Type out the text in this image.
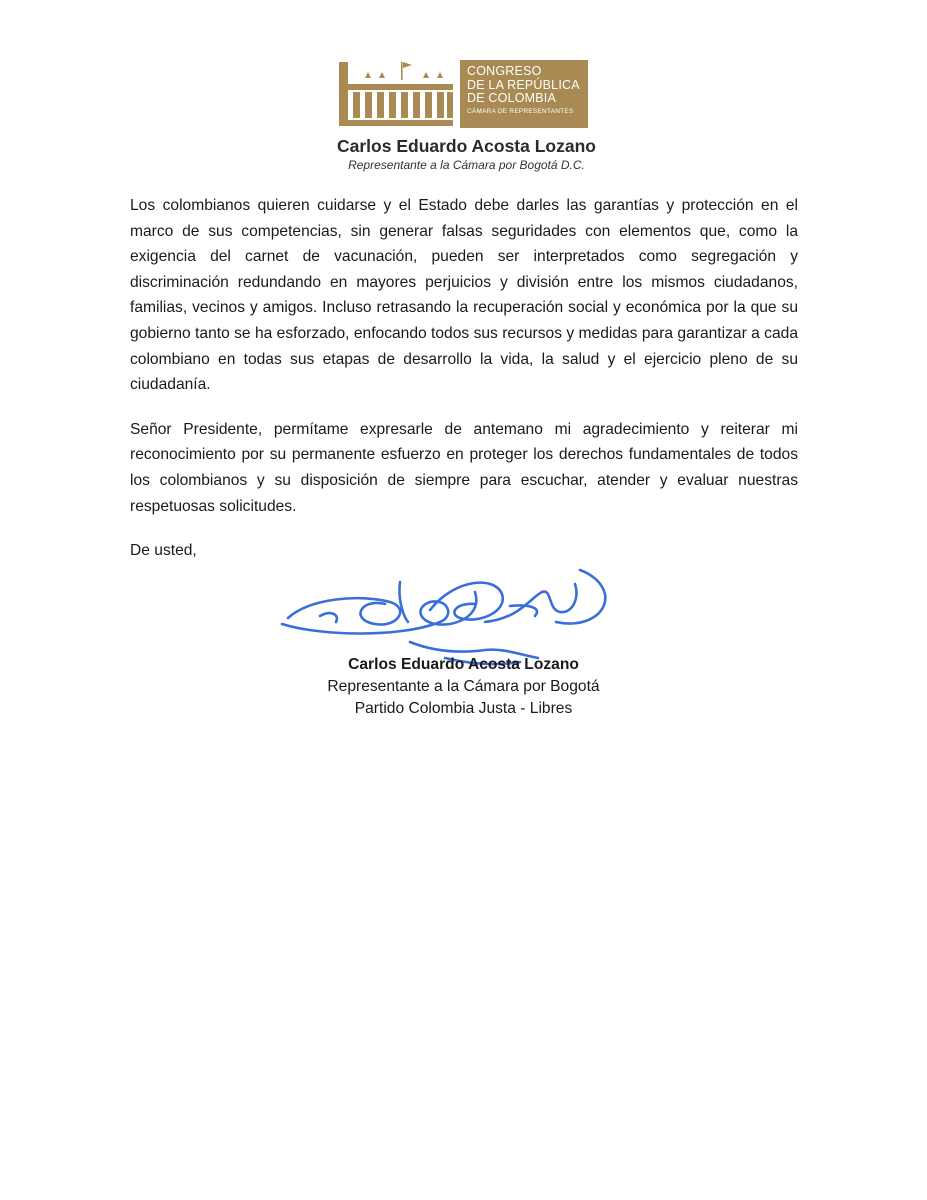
CONGRESO
DE LA REPÚBLICA
DE COLOMBIA
CÁMARA DE REPRESENTANTES
Carlos Eduardo Acosta Lozano
Representante a la Cámara por Bogotá D.C.

Los colombianos quieren cuidarse y el Estado debe darles las garantías y protección en el marco de sus competencias, sin generar falsas seguridades con elementos que, como la exigencia del carnet de vacunación, pueden ser interpretados como segregación y discriminación redundando en mayores perjuicios y división entre los mismos ciudadanos, familias, vecinos y amigos. Incluso retrasando la recuperación social y económica por la que su gobierno tanto se ha esforzado, enfocando todos sus recursos y medidas para garantizar a cada colombiano en todas sus etapas de desarrollo la vida, la salud y el ejercicio pleno de su ciudadanía.

Señor Presidente, permítame expresarle de antemano mi agradecimiento y reiterar mi reconocimiento por su permanente esfuerzo en proteger los derechos fundamentales de todos los colombianos y su disposición de siempre para escuchar, atender y evaluar nuestras respetuosas solicitudes.

De usted,

Carlos Eduardo Acosta Lozano
Representante a la Cámara por Bogotá
Partido Colombia Justa - Libres
